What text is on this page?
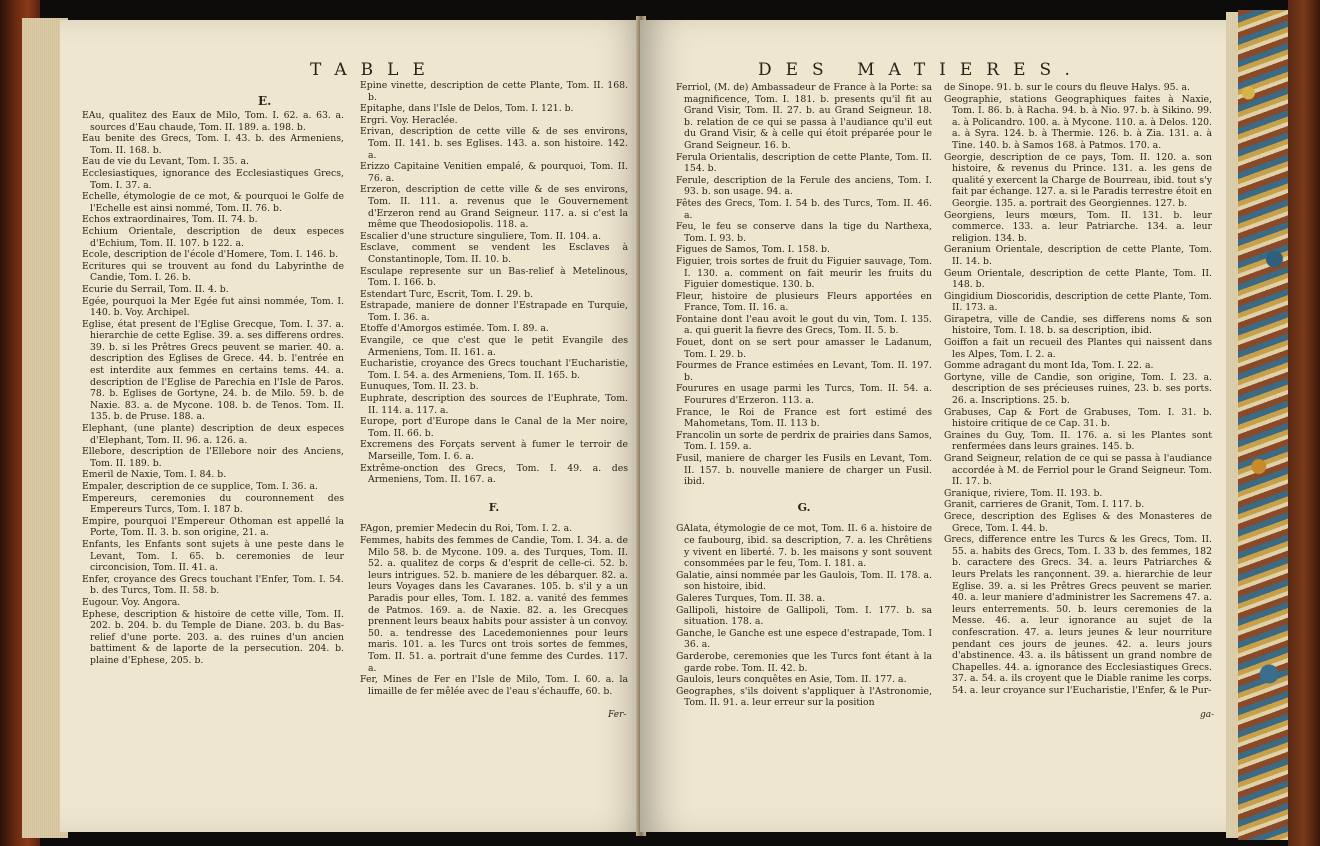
TABLE
E.

EAu, qualitez des Eaux de Milo, Tom. I. 62. a. 63. a. sources d'Eau chaude, Tom. II. 189. a. 198. b.

Eau benite des Grecs, Tom. I. 43. b. des Armeniens, Tom. II. 168. b.

Eau de vie du Levant, Tom. I. 35. a.

Ecclesiastiques, ignorance des Ecclesiastiques Grecs, Tom. I. 37. a.

Echelle, étymologie de ce mot, & pourquoi le Golfe de l'Echelle est ainsi nommé, Tom. II. 76. b.

Echos extraordinaires, Tom. II. 74. b.

Echium Orientale, description de deux especes d'Echium, Tom. II. 107. b 122. a.

Ecole, description de l'école d'Homere, Tom. I. 146. b.

Ecritures qui se trouvent au fond du Labyrinthe de Candie, Tom. I. 26. b.

Ecurie du Serrail, Tom. II. 4. b.

Egée, pourquoi la Mer Egée fut ainsi nommée, Tom. I. 140. b. Voy. Archipel.

Eglise, état present de l'Eglise Grecque, Tom. I. 37. a. hierarchie de cette Eglise. 39. a. ses differens ordres. 39. b. si les Prêtres Grecs peuvent se marier. 40. a. description des Eglises de Grece. 44. b. l'entrée en est interdite aux femmes en certains tems. 44. a. description de l'Eglise de Parechia en l'Isle de Paros. 78. b. Eglises de Gortyne, 24. b. de Milo. 59. b. de Naxie. 83. a. de Myconе. 108. b. de Tenos. Tom. II. 135. b. de Pruse. 188. a.

Elephant, (une plante) description de deux especes d'Elephant, Tom. II. 96. a. 126. a.

Ellebore, description de l'Ellebore noir des Anciens, Tom. II. 189. b.

Emeril de Naxie, Tom. I. 84. b.

Empaler, description de ce supplice, Tom. I. 36. a.

Empereurs, ceremonies du couronnement des Empereurs Turcs, Tom. I. 187 b.

Empire, pourquoi l'Empereur Othoman est appellé la Porte, Tom. II. 3. b. son origine, 21. a.

Enfants, les Enfants sont sujets à une peste dans le Levant, Tom. I. 65. b. ceremonies de leur circoncision, Tom. II. 41. a.

Enfer, croyance des Grecs touchant l'Enfer, Tom. I. 54. b. des Turcs, Tom. II. 58. b.

Eugour. Voy. Angora.

Ephese, description & histoire de cette ville, Tom. II. 202. b. 204. b. du Temple de Diane. 203. b. du Bas-relief d'une porte. 203. a. des ruines d'un ancien battiment & de laporte de la persecution. 204. b. plaine d'Ephese, 205. b.

Epine vinette, description de cette Plante, Tom. II. 168. b.

Epitaphe, dans l'Isle de Delos, Tom. I. 121. b.

Ergri. Voy. Heraclée.

Erivan, description de cette ville & de ses environs, Tom. II. 141. b. ses Eglises. 143. a. son histoire. 142. a.

Erizzo Capitaine Venitien empalé, & pourquoi, Tom. II. 76. a.

Erzeron, description de cette ville & de ses environs, Tom. II. 111. a. revenus que le Gouvernement d'Erzeron rend au Grand Seigneur. 117. a. si c'est la même que Theodosiopolis. 118. a.

Escalier d'une structure singuliere, Tom. II. 104. a.

Esclave, comment se vendent les Esclaves à Constantinople, Tom. II. 10. b.

Esculape represente sur un Bas-relief à Metelinous, Tom. I. 166. b.

Estendart Turc, Escrit, Tom. I. 29. b.

Estrapade, maniere de donner l'Estrapade en Turquie, Tom. I. 36. a.

Etoffe d'Amorgos estimée. Tom. I. 89. a.

Evangile, ce que c'est que le petit Evangile des Armeniens, Tom. II. 161. a.

Eucharistie, croyance des Grecs touchant l'Eucharistie, Tom. I. 54. a. des Armeniens, Tom. II. 165. b.

Eunuques, Tom. II. 23. b.

Euphrate, description des sources de l'Euphrate, Tom. II. 114. a. 117. a.

Europe, port d'Europe dans le Canal de la Mer noire, Tom. II. 66. b.

Excremens des Forçats servent à fumer le terroir de Marseille, Tom. I. 6. a.

Extrême-onction des Grecs, Tom. I. 49. a. des Armeniens, Tom. II. 167. a.

F.

FAgon, premier Medecin du Roi, Tom. I. 2. a.

Femmes, habits des femmes de Candie, Tom. I. 34. a. de Milo 58. b. de Mycone. 109. a. des Turques, Tom. II. 52. a. qualitez de corps & d'esprit de celle-ci. 52. b. leurs intrigues. 52. b. maniere de les débarquer. 82. a. leurs Voyages dans les Cavaranes. 105. b. s'il y a un Paradis pour elles, Tom. I. 182. a. vanité des femmes de Patmos. 169. a. de Naxie. 82. a. les Grecques prennent leurs beaux habits pour assister à un convoy. 50. a. tendresse des Lacedemoniennes pour leurs maris. 101. a. les Turcs ont trois sortes de femmes, Tom. II. 51. a. portrait d'une femme des Curdes. 117. a.

Fer, Mines de Fer en l'Isle de Milo, Tom. I. 60. a. la limaille de fer mêlée avec de l'eau s'échauffe, 60. b.

Fer-
DES MATIERES.

Ferriol, (M. de) Ambassadeur de France à la Porte: sa magnificence, Tom. I. 181. b. presents qu'il fit au Grand Visir, Tom. II. 27. b. au Grand Seigneur. 18. b. relation de ce qui se passa à l'audiance qu'il eut du Grand Visir, & à celle qui étoit préparée pour le Grand Seigneur. 16. b.

Ferula Orientalis, description de cette Plante, Tom. II. 154. b.

Ferule, description de la Ferule des anciens, Tom. I. 93. b. son usage. 94. a.

Fêtes des Grecs, Tom. I. 54 b. des Turcs, Tom. II. 46. a.

Feu, le feu se conserve dans la tige du Narthexa, Tom. I. 93. b.

Figues de Samos, Tom. I. 158. b.

Figuier, trois sortes de fruit du Figuier sauvage, Tom. I. 130. a. comment on fait meurir les fruits du Figuier domestique. 130. b.

Fleur, histoire de plusieurs Fleurs apportées en France, Tom. II. 16. a.

Fontaine dont l'eau avoit le gout du vin, Tom. I. 135. a. qui guerit la fievre des Grecs, Tom. II. 5. b.

Fouet, dont on se sert pour amasser le Ladanum, Tom. I. 29. b.

Fourmes de France estimées en Levant, Tom. II. 197. b.

Fourures en usage parmi les Turcs, Tom. II. 54. a. Fourures d'Erzeron. 113. a.

France, le Roi de France est fort estimé des Mahometans, Tom. II. 113 b.

Francolin un sorte de perdrix de prairies dans Samos, Tom. I. 159. a.

Fusil, maniere de charger les Fusils en Levant, Tom. II. 157. b. nouvelle maniere de charger un Fusil. ibid.

G.

GAlata, étymologie de ce mot, Tom. II. 6 a. histoire de ce faubourg, ibid. sa description, 7. a. les Chrêtiens y vivent en liberté. 7. b. les maisons y sont souvent consommées par le feu, Tom. I. 181. a.

Galatie, ainsi nommée par les Gaulois, Tom. II. 178. a. son histoire, ibid.

Galeres Turques, Tom. II. 38. a.

Gallipoli, histoire de Gallipoli, Tom. I. 177. b. sa situation. 178. a.

Ganche, le Ganche est une espece d'estrapade, Tom. I 36. a.

Garderobe, ceremonies que les Turcs font étant à la garde robe. Tom. II. 42. b.

Gaulois, leurs conquêtes en Asie, Tom. II. 177. a.

Geographes, s'ils doivent s'appliquer à l'Astronomie, Tom. II. 91. a. leur erreur sur la position

de Sinope. 91. b. sur le cours du fleuve Halys. 95. a.

Geographie, stations Geographiques faites à Naxie, Tom. I. 86. b. à Racha. 94. b. à Nio. 97. b. à Sikino. 99. a. à Policandro. 100. a. à Mycone. 110. a. à Delos. 120. a. à Syra. 124. b. à Thermie. 126. b. à Zia. 131. a. à Tine. 140. b. à Samos 168. à Patmos. 170. a.

Georgie, description de ce pays, Tom. II. 120. a. son histoire, & revenus du Prince. 131. a. les gens de qualité y exercent la Charge de Bourreau, ibid. tout s'y fait par échange. 127. a. si le Paradis terrestre étoit en Georgie. 135. a. portrait des Georgiennes. 127. b.

Georgiens, leurs mœurs, Tom. II. 131. b. leur commerce. 133. a. leur Patriarche. 134. a. leur religion. 134. b.

Geranium Orientale, description de cette Plante, Tom. II. 14. b.

Geum Orientale, description de cette Plante, Tom. II. 148. b.

Gingidium Dioscoridis, description de cette Plante, Tom. II. 173. a.

Girapetra, ville de Candie, ses differens noms & son histoire, Tom. I. 18. b. sa description, ibid.

Goiffon a fait un recueil des Plantes qui naissent dans les Alpes, Tom. I. 2. a.

Gomme adragant du mont Ida, Tom. I. 22. a.

Gortyne, ville de Candie, son origine, Tom. I. 23. a. description de ses précieuses ruines, 23. b. ses ports. 26. a. Inscriptions. 25. b.

Grabuses, Cap & Fort de Grabuses, Tom. I. 31. b. histoire critique de ce Cap. 31. b.

Graines du Guy, Tom. II. 176. a. si les Plantes sont renfermées dans leurs graines. 145. b.

Grand Seigneur, relation de ce qui se passa à l'audiance accordée à M. de Ferriol pour le Grand Seigneur. Tom. II. 17. b.

Granique, riviere, Tom. II. 193. b.

Granit, carrieres de Granit, Tom. I. 117. b.

Grece, description des Eglises & des Monasteres de Grece, Tom. I. 44. b.

Grecs, difference entre les Turcs & les Grecs, Tom. II. 55. a. habits des Grecs, Tom. I. 33 b. des femmes, 182 b. caractere des Grecs. 34. a. leurs Patriarches & leurs Prelats les rançonnent. 39. a. hierarchie de leur Eglise. 39. a. si les Prêtres Grecs peuvent se marier. 40. a. leur maniere d'administrer les Sacremens 47. a. leurs enterrements. 50. b. leurs ceremonies de la Messe. 46. a. leur ignorance au sujet de la confescration. 47. a. leurs jeunes & leur nourriture pendant ces jours de jeunes. 42. a. leurs jours d'abstinence. 43. a. ils bâtissent un grand nombre de Chapelles. 44. a. ignorance des Ecclesiastiques Grecs. 37. a. 54. a. ils croyent que le Diable ranime les corps. 54. a. leur croyance sur l'Eucharistie, l'Enfer, & le Pur-

ga-
